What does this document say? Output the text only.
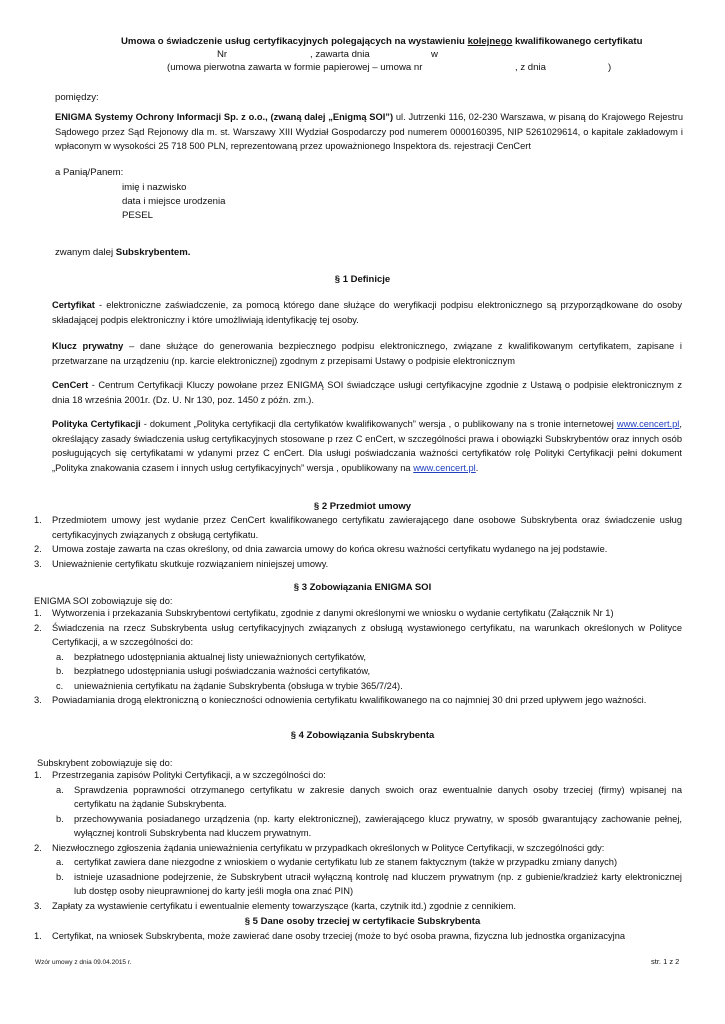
Umowa o świadczenie usług certyfikacyjnych polegających na wystawieniu kolejnego kwalifikowanego certyfikatu
Nr	, zawarta dnia	w
(umowa pierwotna zawarta w formie papierowej – umowa nr	, z dnia	)
pomiędzy:
ENIGMA Systemy Ochrony Informacji Sp. z o.o., (zwaną dalej „Enigmą SOI”) ul. Jutrzenki 116, 02-230 Warszawa, w pisaną do Krajowego Rejestru Sądowego przez Sąd Rejonowy dla m. st. Warszawy XIII Wydział Gospodarczy pod numerem 0000160395, NIP 5261029614, o kapitale zakładowym i wpłaconym w wysokości 25 718 500 PLN, reprezentowaną przez upoważnionego Inspektora ds. rejestracji CenCert
a Panią/Panem:
imię i nazwisko
data i miejsce urodzenia
PESEL
zwanym dalej Subskrybentem.
§ 1 Definicje
Certyfikat - elektroniczne zaświadczenie, za pomocą którego dane służące do weryfikacji podpisu elektronicznego są przyporządkowane do osoby składającej podpis elektroniczny i które umożliwiają identyfikację tej osoby.
Klucz prywatny – dane służące do generowania bezpiecznego podpisu elektronicznego, związane z kwalifikowanym certyfikatem, zapisane i przetwarzane na urządzeniu (np. karcie elektronicznej) zgodnym z przepisami Ustawy o podpisie elektronicznym
CenCert - Centrum Certyfikacji Kluczy powołane przez ENIGMĄ SOI świadczące usługi certyfikacyjne zgodnie z Ustawą o podpisie elektronicznym z dnia 18 września 2001r. (Dz. U. Nr 130, poz. 1450 z późn. zm.).
Polityka Certyfikacji - dokument „Polityka certyfikacji dla certyfikatów kwalifikowanych” wersja , o publikowany na s tronie internetowej www.cencert.pl, określający zasady świadczenia usług certyfikacyjnych stosowane p rzez C enCert, w szczególności prawa i obowiązki Subskrybentów oraz innych osób posługujących się certyfikatami w ydanymi przez C enCert. Dla usługi poświadczania ważności certyfikatów rolę Polityki Certyfikacji pełni dokument „Polityka znakowania czasem i innych usług certyfikacyjnych” wersja , opublikowany na www.cencert.pl.
§ 2 Przedmiot umowy
1. Przedmiotem umowy jest wydanie przez CenCert kwalifikowanego certyfikatu zawierającego dane osobowe Subskrybenta oraz świadczenie usług certyfikacyjnych związanych z obsługą certyfikatu.
2. Umowa zostaje zawarta na czas określony, od dnia zawarcia umowy do końca okresu ważności certyfikatu wydanego na jej podstawie.
3. Unieważnienie certyfikatu skutkuje rozwiązaniem niniejszej umowy.
§ 3 Zobowiązania ENIGMA SOI
ENIGMA SOI zobowiązuje się do:
1. Wytworzenia i przekazania Subskrybentowi certyfikatu, zgodnie z danymi określonymi we wniosku o wydanie certyfikatu (Załącznik Nr 1)
2. Świadczenia na rzecz Subskrybenta usług certyfikacyjnych związanych z obsługą wystawionego certyfikatu, na warunkach określonych w Polityce Certyfikacji, a w szczególności do:
a. bezpłatnego udostępniania aktualnej listy unieważnionych certyfikatów,
b. bezpłatnego udostępniania usługi poświadczania ważności certyfikatów,
c. unieważnienia certyfikatu na żądanie Subskrybenta (obsługa w trybie 365/7/24).
3. Powiadamiania drogą elektroniczną o konieczności odnowienia certyfikatu kwalifikowanego na co najmniej 30 dni przed upływem jego ważności.
§ 4 Zobowiązania Subskrybenta
Subskrybent zobowiązuje się do:
1. Przestrzegania zapisów Polityki Certyfikacji, a w szczególności do:
a. Sprawdzenia poprawności otrzymanego certyfikatu w zakresie danych swoich oraz ewentualnie danych osoby trzeciej (firmy) wpisanej na certyfikatu na żądanie Subskrybenta.
b. przechowywania posiadanego urządzenia (np. karty elektronicznej), zawierającego klucz prywatny, w sposób gwarantujący zachowanie pełnej, wyłącznej kontroli Subskrybenta nad kluczem prywatnym.
2. Niezwłocznego zgłoszenia żądania unieważnienia certyfikatu w przypadkach określonych w Polityce Certyfikacji, w szczególności gdy:
a. certyfikat zawiera dane niezgodne z wnioskiem o wydanie certyfikatu lub ze stanem faktycznym (także w przypadku zmiany danych)
b. istnieje uzasadnione podejrzenie, że Subskrybent utracił wyłączną kontrolę nad kluczem prywatnym (np. z gubienie/kradzież karty elektronicznej lub dostęp osoby nieuprawnionej do karty jeśli mogła ona znać PIN)
3. Zapłaty za wystawienie certyfikatu i ewentualnie elementy towarzyszące (karta, czytnik itd.) zgodnie z cennikiem.
§ 5 Dane osoby trzeciej w certyfikacie Subskrybenta
1. Certyfikat, na wniosek Subskrybenta, może zawierać dane osoby trzeciej (może to być osoba prawna, fizyczna lub jednostka organizacyjna
Wzór umowy z dnia 09.04.2015 r.	str. 1 z 2
